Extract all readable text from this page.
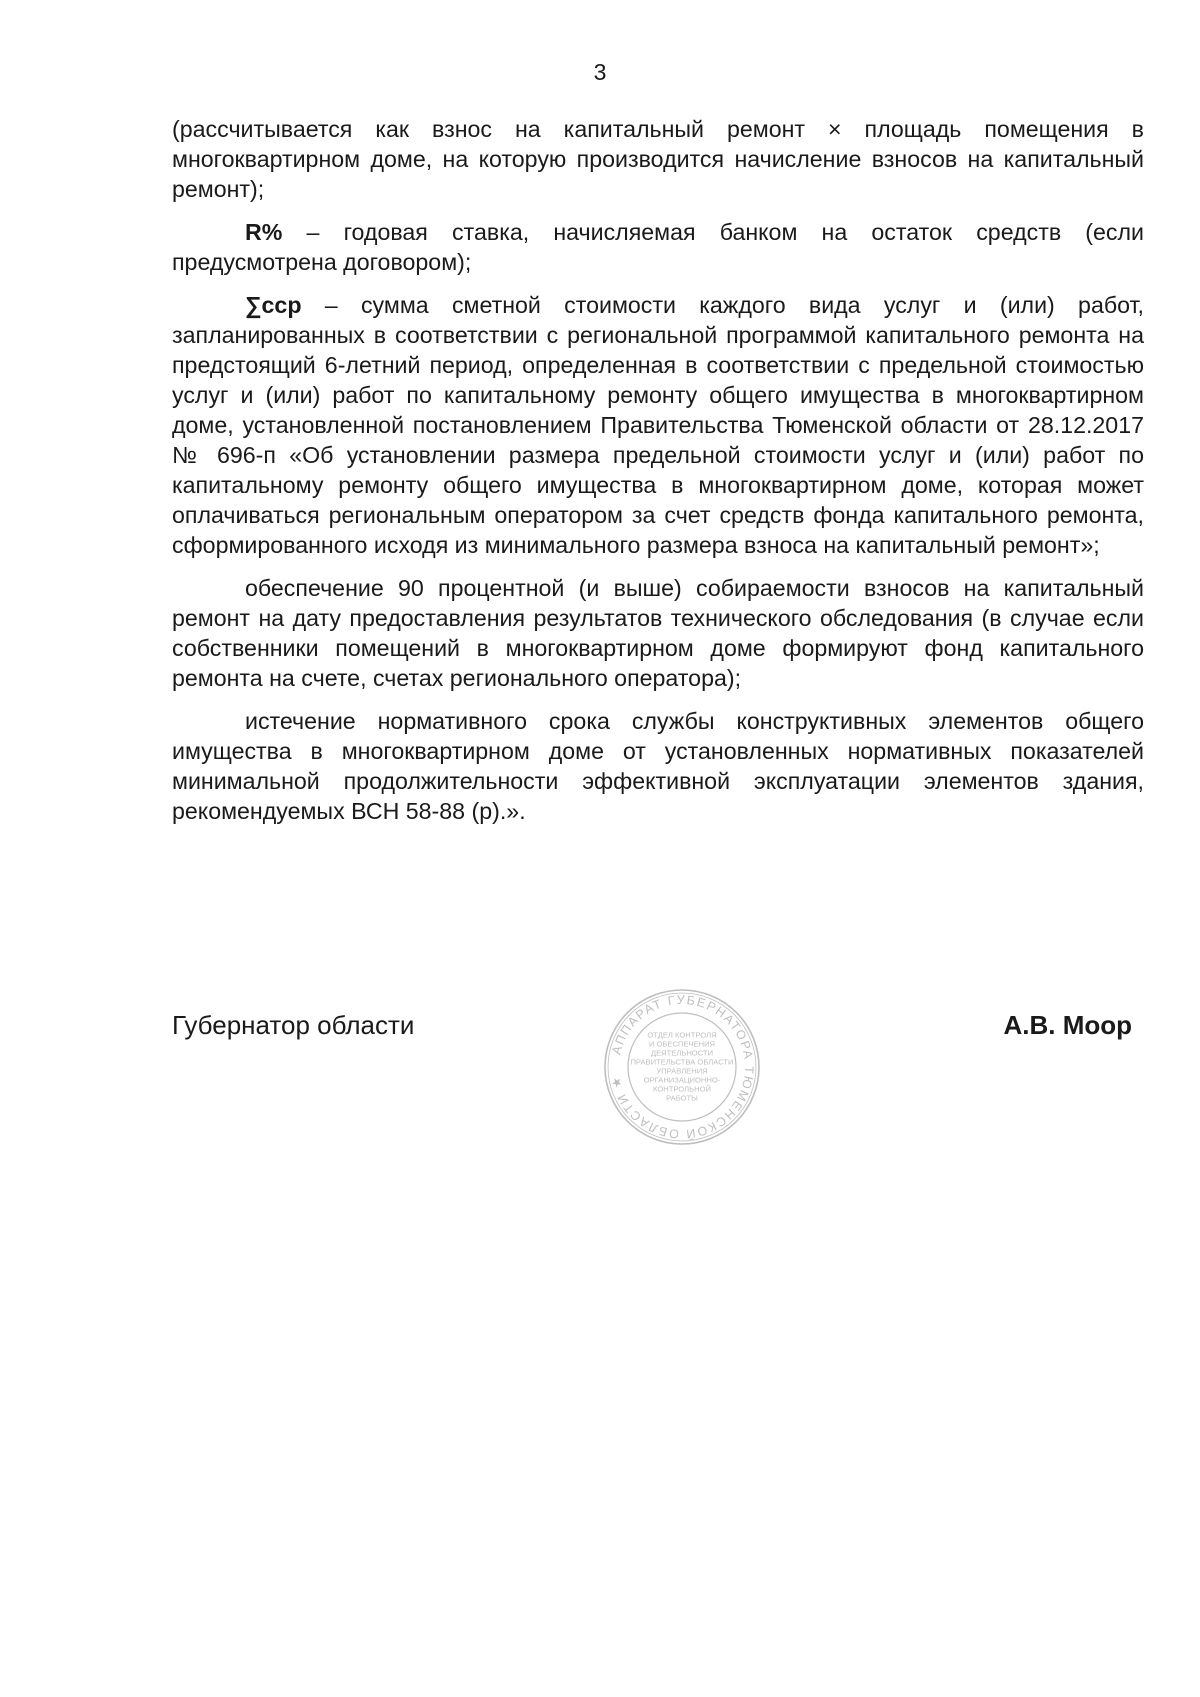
3

(рассчитывается как взнос на капитальный ремонт × площадь помещения в многоквартирном доме, на которую производится начисление взносов на капитальный ремонт);

R% – годовая ставка, начисляемая банком на остаток средств (если предусмотрена договором);

∑сср – сумма сметной стоимости каждого вида услуг и (или) работ, запланированных в соответствии с региональной программой капитального ремонта на предстоящий 6-летний период, определенная в соответствии с предельной стоимостью услуг и (или) работ по капитальному ремонту общего имущества в многоквартирном доме, установленной постановлением Правительства Тюменской области от 28.12.2017 № 696-п «Об установлении размера предельной стоимости услуг и (или) работ по капитальному ремонту общего имущества в многоквартирном доме, которая может оплачиваться региональным оператором за счет средств фонда капитального ремонта, сформированного исходя из минимального размера взноса на капитальный ремонт»;

обеспечение 90 процентной (и выше) собираемости взносов на капитальный ремонт на дату предоставления результатов технического обследования (в случае если собственники помещений в многоквартирном доме формируют фонд капитального ремонта на счете, счетах регионального оператора);

истечение нормативного срока службы конструктивных элементов общего имущества в многоквартирном доме от установленных нормативных показателей минимальной продолжительности эффективной эксплуатации элементов здания, рекомендуемых ВСН 58-88 (р).».

Губернатор области	А.В. Моор
АППАРАТ ГУБЕРНАТОРА ТЮМЕНСКОЙ ОБЛАСТИ ★
ОТДЕЛ КОНТРОЛЯ
И ОБЕСПЕЧЕНИЯ
ДЕЯТЕЛЬНОСТИ
ПРАВИТЕЛЬСТВА ОБЛАСТИ
УПРАВЛЕНИЯ
ОРГАНИЗАЦИОННО-
КОНТРОЛЬНОЙ
РАБОТЫ
